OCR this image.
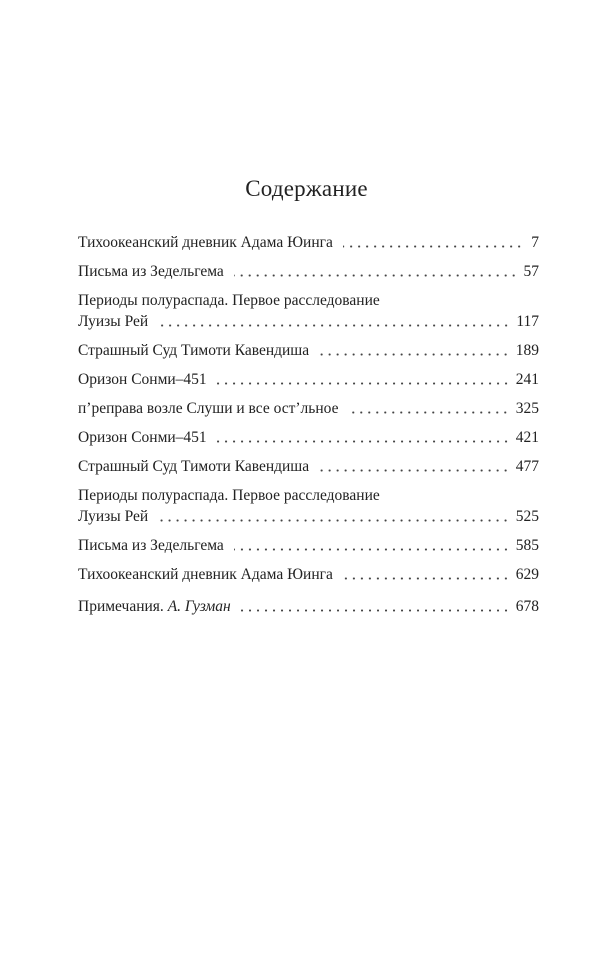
Содержание
Тихоокеанский дневник Адама Юинга	7
Письма из Зедельгема	57
Периоды полураспада. Первое расследование
Луизы Рей	117
Страшный Суд Тимоти Кавендиша	189
Оризон Сонми–451	241
п’реправа возле Слуши и все ост’льное	325
Оризон Сонми–451	421
Страшный Суд Тимоти Кавендиша	477
Периоды полураспада. Первое расследование
Луизы Рей	525
Письма из Зедельгема	585
Тихоокеанский дневник Адама Юинга	629
Примечания. А. Гузман	678
